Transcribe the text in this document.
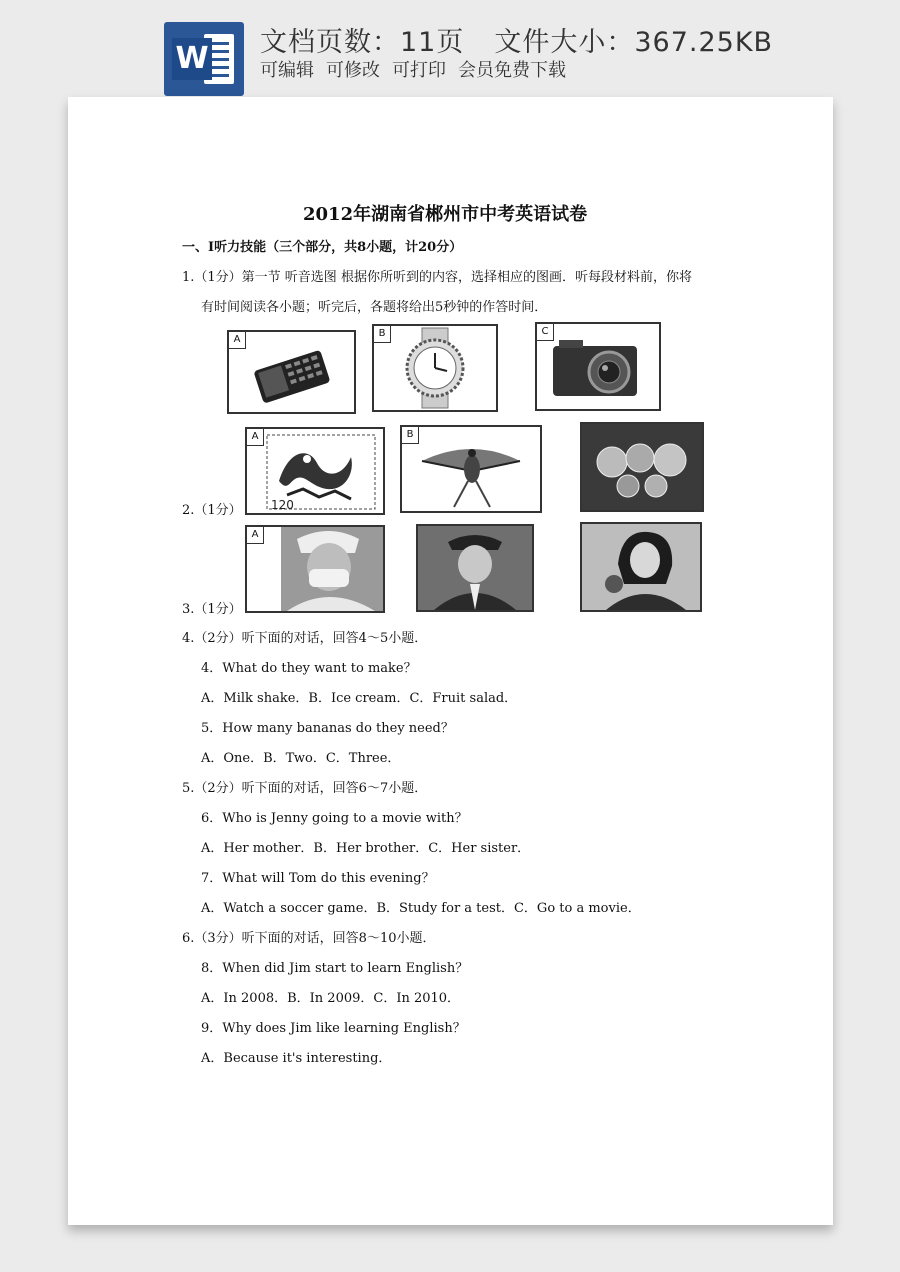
W 文档页数：11页 文件大小：367.25KB
可编辑 可修改 可打印 会员免费下载
2012年湖南省郴州市中考英语试卷
一、Ⅰ听力技能（三个部分，共8小题，计20分）
1.（1分）第一节 听音选图 根据你所听到的内容，选择相应的图画．听每段材料前，你将
有时间阅读各小题；听完后，各题将给出5秒钟的作答时间．
A
B	C
2.（1分）
A
120
B
3.（1分）
A
4.（2分）听下面的对话，回答4～5小题．
4．What do they want to make？
A．Milk shake．B．Ice cream．C．Fruit salad．
5．How many bananas do they need？
A．One．B．Two．C．Three．
5.（2分）听下面的对话，回答6～7小题．
6．Who is Jenny going to a movie with？
A．Her mother．B．Her brother．C．Her sister．
7．What will Tom do this evening？
A．Watch a soccer game．B．Study for a test．C．Go to a movie．
6.（3分）听下面的对话，回答8～10小题．
8．When did Jim start to learn English？
A．In 2008．B．In 2009．C．In 2010．
9．Why does Jim like learning English？
A．Because it's interesting．
